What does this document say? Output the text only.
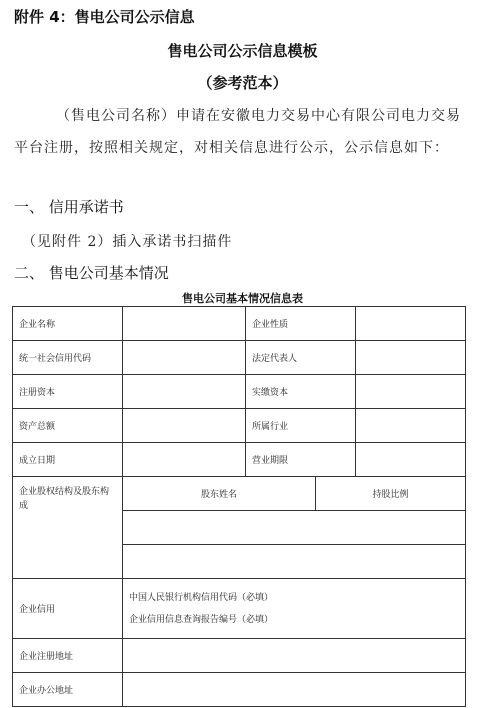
附件 4：售电公司公示信息
售电公司公示信息模板
（参考范本）
（售电公司名称）申请在安徽电力交易中心有限公司电力交易平台注册，按照相关规定，对相关信息进行公示，公示信息如下：
一、 信用承诺书
（见附件 2）插入承诺书扫描件
二、 售电公司基本情况
售电公司基本情况信息表
企业名称		企业性质		
统一社会信用代码		法定代表人		
注册资本		实缴资本		
资产总额		所属行业		
成立日期		营业期限		
企业股权结构及股东构成	股东姓名		持股比例	

企业信用	中国人民银行机构信用代码（必填）
企业信用信息查询报告编号（必填）			

企业注册地址				
企业办公地址				
